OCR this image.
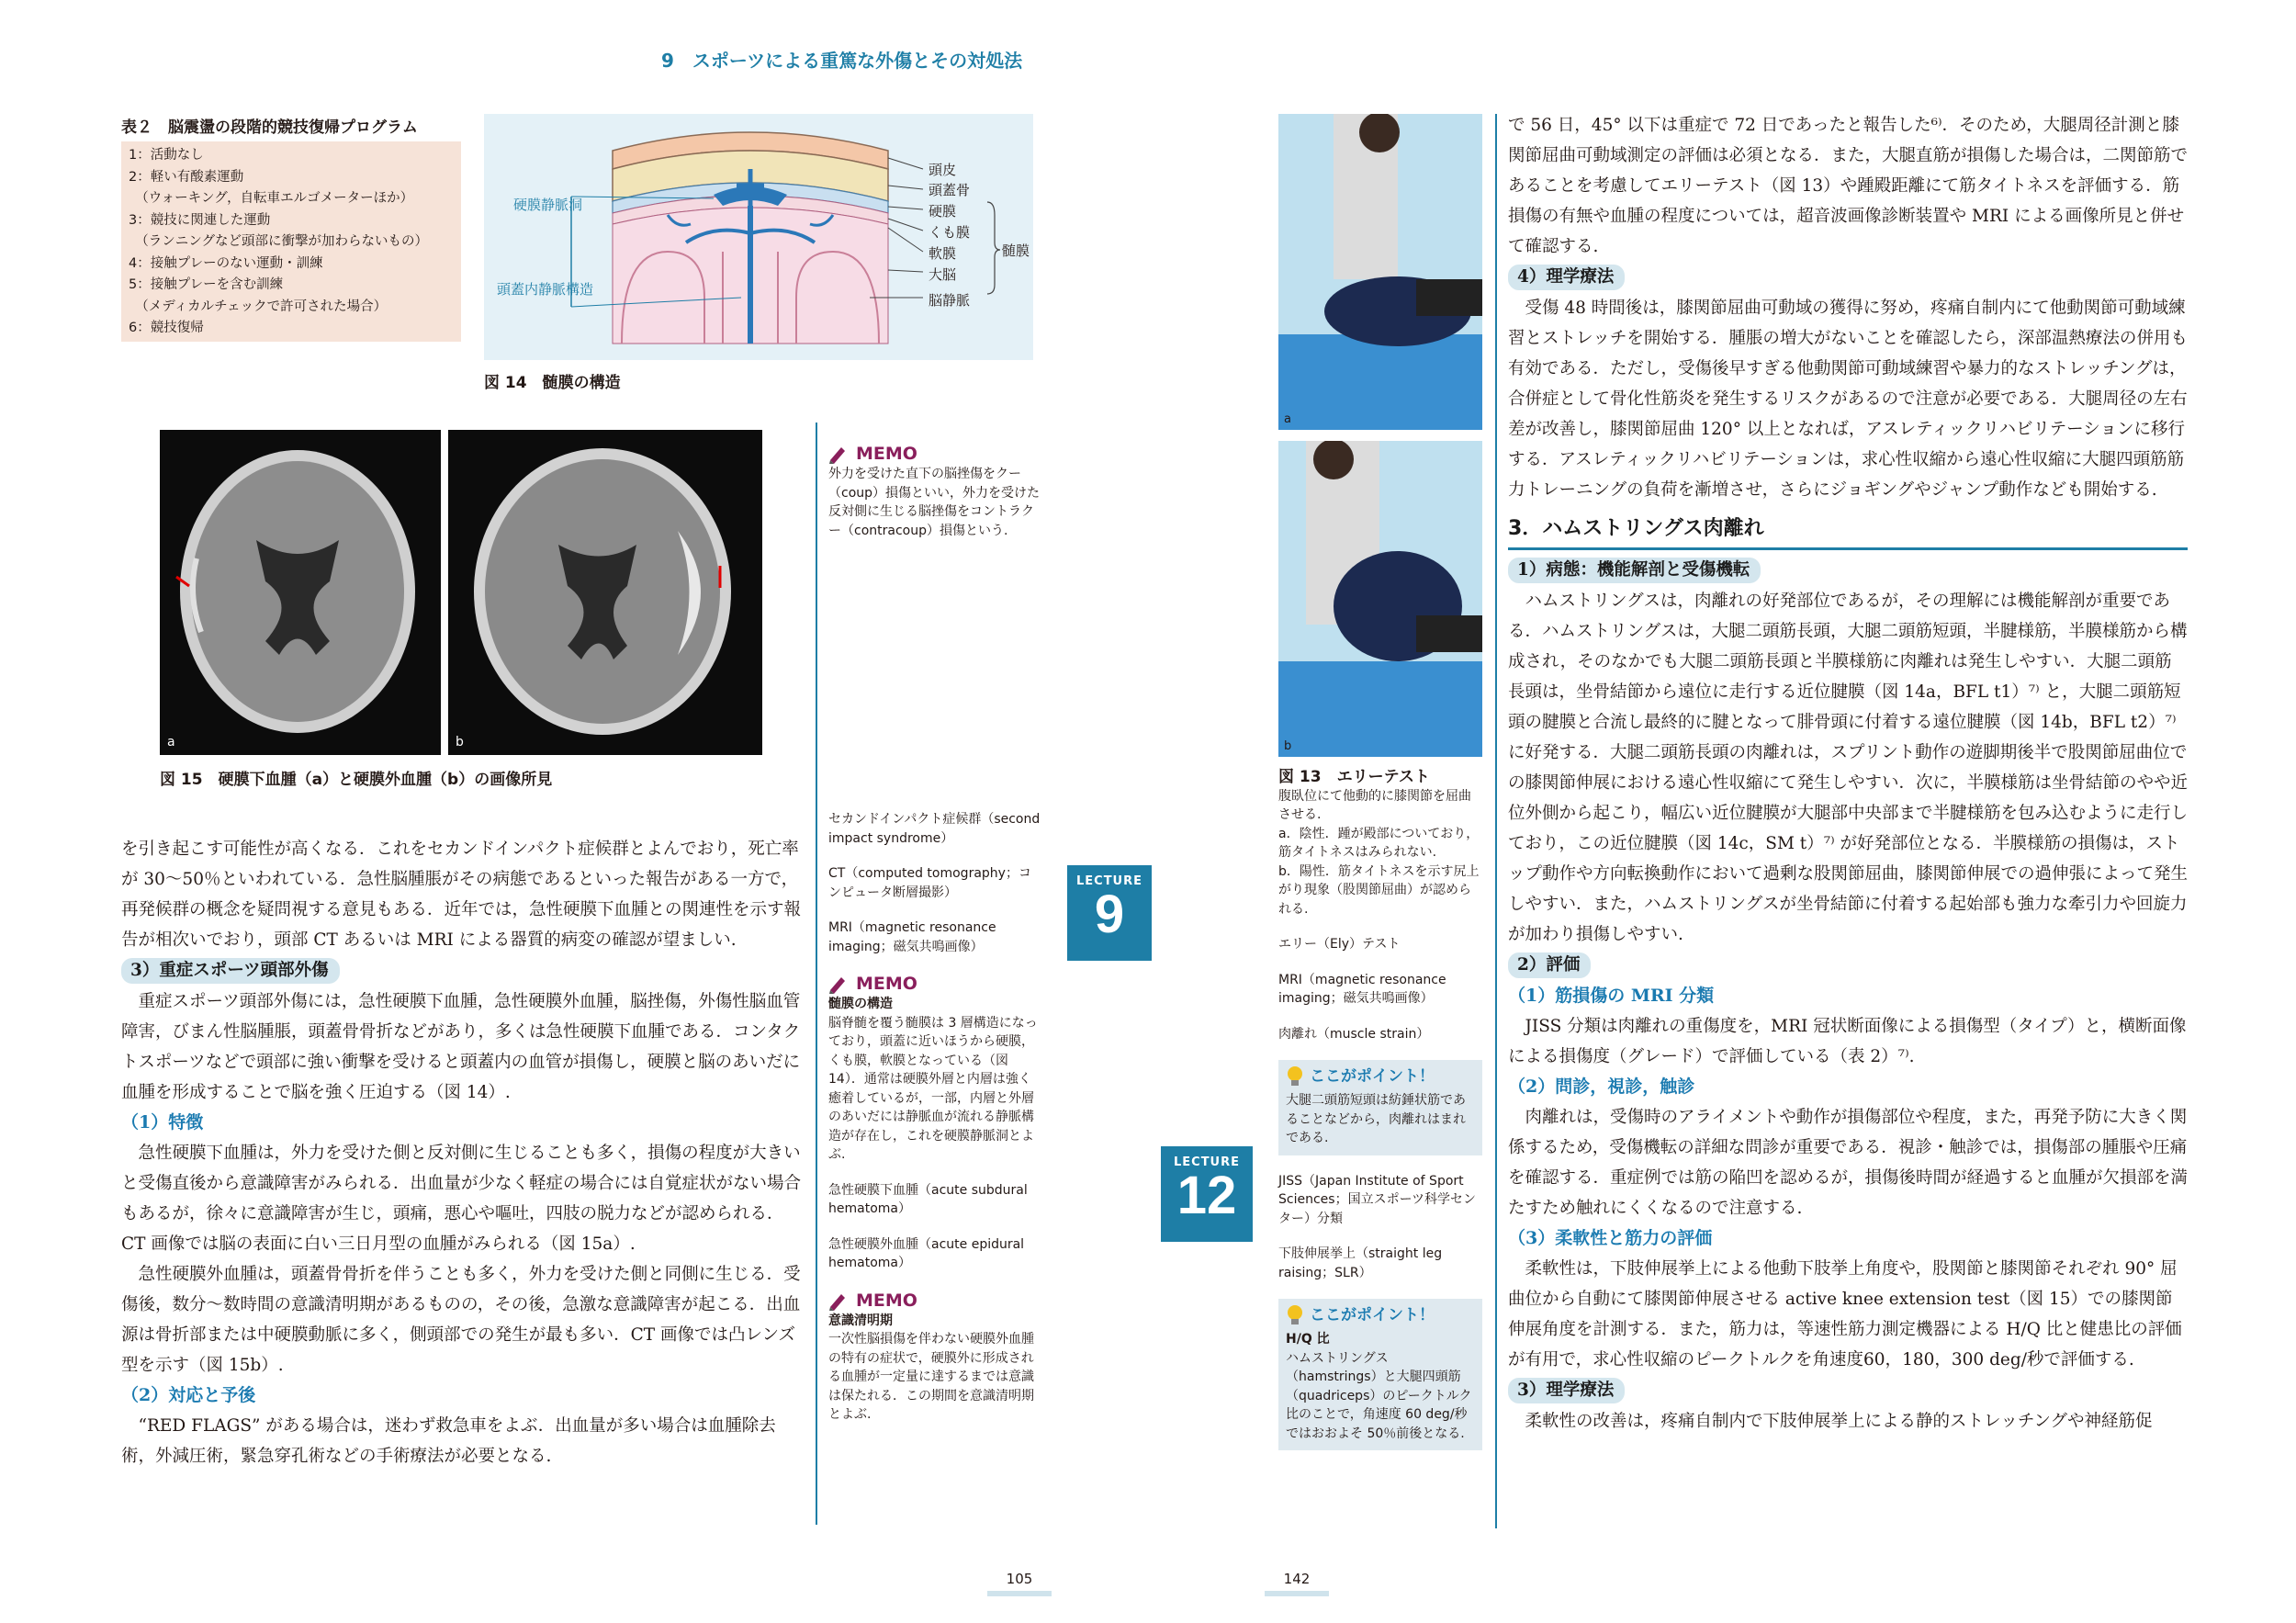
9　スポーツによる重篤な外傷とその対処法
表２　脳震盪の段階的競技復帰プログラム
1：活動なし
2：軽い有酸素運動
　（ウォーキング，自転車エルゴメーターほか）
3：競技に関連した運動
　（ランニングなど頭部に衝撃が加わらないもの）
4：接触プレーのない運動・訓練
5：接触プレーを含む訓練
　（メディカルチェックで許可された場合）
6：競技復帰
硬膜静脈洞
頭蓋内静脈構造
頭皮
頭蓋骨
硬膜
くも膜
軟膜
大脳
脳静脈
髄膜
図 14　髄膜の構造
a	b
図 15　硬膜下血腫（a）と硬膜外血腫（b）の画像所見

を引き起こす可能性が高くなる．これをセカンドインパクト症候群とよんでおり，死亡率が 30〜50％といわれている．急性脳腫脹がその病態であるといった報告がある一方で，再発候群の概念を疑問視する意見もある．近年では，急性硬膜下血腫との関連性を示す報告が相次いでおり，頭部 CT あるいは MRI による器質的病変の確認が望ましい.

3）重症スポーツ頭部外傷

重症スポーツ頭部外傷には，急性硬膜下血腫，急性硬膜外血腫，脳挫傷，外傷性脳血管障害，びまん性脳腫脹，頭蓋骨骨折などがあり，多くは急性硬膜下血腫である．コンタクトスポーツなどで頭部に強い衝撃を受けると頭蓋内の血管が損傷し，硬膜と脳のあいだに血腫を形成することで脳を強く圧迫する（図 14）.

（1）特徴

急性硬膜下血腫は，外力を受けた側と反対側に生じることも多く，損傷の程度が大きいと受傷直後から意識障害がみられる．出血量が少なく軽症の場合には自覚症状がない場合もあるが，徐々に意識障害が生じ，頭痛，悪心や嘔吐，四肢の脱力などが認められる．CT 画像では脳の表面に白い三日月型の血腫がみられる（図 15a）.

急性硬膜外血腫は，頭蓋骨骨折を伴うことも多く，外力を受けた側と同側に生じる．受傷後，数分〜数時間の意識清明期があるものの，その後，急激な意識障害が起こる．出血源は骨折部または中硬膜動脈に多く，側頭部での発生が最も多い．CT 画像では凸レンズ型を示す（図 15b）.

（2）対応と予後

“RED FLAGS” がある場合は，迷わず救急車をよぶ．出血量が多い場合は血腫除去術，外減圧術，緊急穿孔術などの手術療法が必要となる.

MEMO
外力を受けた直下の脳挫傷をクー（coup）損傷といい，外力を受けた反対側に生じる脳挫傷をコントラクー（contracoup）損傷という.
セカンドインパクト症候群（second impact syndrome）
CT（computed tomography；コンピュータ断層撮影）
MRI（magnetic resonance imaging；磁気共鳴画像）
MEMO
髄膜の構造
脳脊髄を覆う髄膜は 3 層構造になっており，頭蓋に近いほうから硬膜，くも膜，軟膜となっている（図 14）．通常は硬膜外層と内層は強く癒着しているが，一部，内層と外層のあいだには静脈血が流れる静脈構造が存在し，これを硬膜静脈洞とよぶ.
急性硬膜下血腫（acute subdural hematoma）
急性硬膜外血腫（acute epidural hematoma）
MEMO
意識清明期
一次性脳損傷を伴わない硬膜外血腫の特有の症状で，硬膜外に形成される血腫が一定量に達するまでは意識は保たれる．この期間を意識清明期とよぶ.
LECTURE
9
105
a
b
図 13　エリーテスト
腹臥位にて他動的に膝関節を屈曲させる.
a．陰性．踵が殿部についており，筋タイトネスはみられない.
b．陽性．筋タイトネスを示す尻上がり現象（股関節屈曲）が認められる.
エリー（Ely）テスト
MRI（magnetic resonance imaging；磁気共鳴画像）
肉離れ（muscle strain）
ここがポイント！
大腿二頭筋短頭は紡錘状筋であることなどから，肉離れはまれである.
JISS（Japan Institute of Sport Sciences；国立スポーツ科学センター）分類
下肢伸展挙上（straight leg raising；SLR）
ここがポイント！
H/Q 比
ハムストリングス（hamstrings）と大腿四頭筋（quadriceps）のピークトルク比のことで，角速度 60 deg/秒ではおおよそ 50％前後となる.
LECTURE
12

で 56 日，45° 以下は重症で 72 日であったと報告した⁶⁾．そのため，大腿周径計測と膝関節屈曲可動域測定の評価は必須となる．また，大腿直筋が損傷した場合は，二関節筋であることを考慮してエリーテスト（図 13）や踵殿距離にて筋タイトネスを評価する．筋損傷の有無や血腫の程度については，超音波画像診断装置や MRI による画像所見と併せて確認する.

4）理学療法

受傷 48 時間後は，膝関節屈曲可動域の獲得に努め，疼痛自制内にて他動関節可動域練習とストレッチを開始する．腫脹の増大がないことを確認したら，深部温熱療法の併用も有効である．ただし，受傷後早すぎる他動関節可動域練習や暴力的なストレッチングは，合併症として骨化性筋炎を発生するリスクがあるので注意が必要である．大腿周径の左右差が改善し，膝関節屈曲 120° 以上となれば，アスレティックリハビリテーションに移行する．アスレティックリハビリテーションは，求心性収縮から遠心性収縮に大腿四頭筋筋力トレーニングの負荷を漸増させ，さらにジョギングやジャンプ動作なども開始する.

3．ハムストリングス肉離れ
1）病態：機能解剖と受傷機転

ハムストリングスは，肉離れの好発部位であるが，その理解には機能解剖が重要である．ハムストリングスは，大腿二頭筋長頭，大腿二頭筋短頭，半腱様筋，半膜様筋から構成され，そのなかでも大腿二頭筋長頭と半膜様筋に肉離れは発生しやすい．大腿二頭筋長頭は，坐骨結節から遠位に走行する近位腱膜（図 14a，BFL t1）⁷⁾ と，大腿二頭筋短頭の腱膜と合流し最終的に腱となって腓骨頭に付着する遠位腱膜（図 14b，BFL t2）⁷⁾ に好発する．大腿二頭筋長頭の肉離れは，スプリント動作の遊脚期後半で股関節屈曲位での膝関節伸展における遠心性収縮にて発生しやすい．次に，半膜様筋は坐骨結節のやや近位外側から起こり，幅広い近位腱膜が大腿部中央部まで半腱様筋を包み込むように走行しており，この近位腱膜（図 14c，SM t）⁷⁾ が好発部位となる．半膜様筋の損傷は，ストップ動作や方向転換動作において過剰な股関節屈曲，膝関節伸展での過伸張によって発生しやすい．また，ハムストリングスが坐骨結節に付着する起始部も強力な牽引力や回旋力が加わり損傷しやすい.

2）評価
（1）筋損傷の MRI 分類

JISS 分類は肉離れの重傷度を，MRI 冠状断面像による損傷型（タイプ）と，横断面像による損傷度（グレード）で評価している（表 2）⁷⁾.

（2）問診，視診，触診

肉離れは，受傷時のアライメントや動作が損傷部位や程度，また，再発予防に大きく関係するため，受傷機転の詳細な問診が重要である．視診・触診では，損傷部の腫脹や圧痛を確認する．重症例では筋の陥凹を認めるが，損傷後時間が経過すると血腫が欠損部を満たすため触れにくくなるので注意する.

（3）柔軟性と筋力の評価

柔軟性は，下肢伸展挙上による他動下肢挙上角度や，股関節と膝関節それぞれ 90° 屈曲位から自動にて膝関節伸展させる active knee extension test（図 15）での膝関節伸展角度を計測する．また，筋力は，等速性筋力測定機器による H/Q 比と健患比の評価が有用で，求心性収縮のピークトルクを角速度60，180，300 deg/秒で評価する.

3）理学療法

柔軟性の改善は，疼痛自制内で下肢伸展挙上による静的ストレッチングや神経筋促

142
